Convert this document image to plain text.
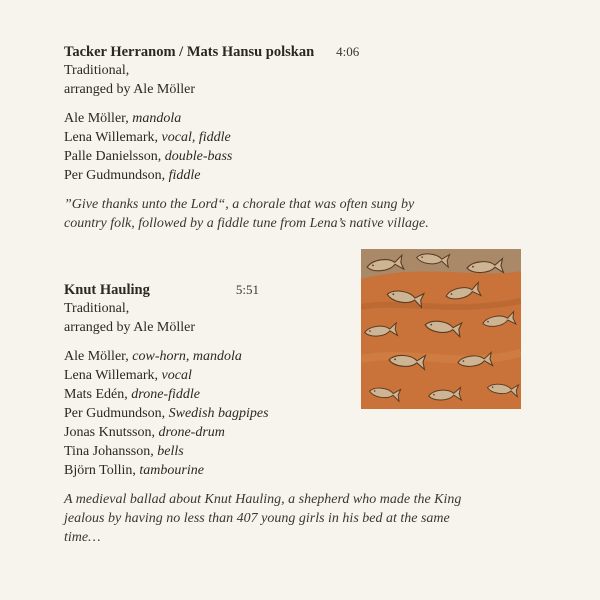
Tacker Herranom / Mats Hansu polskan 4:06
Traditional,
arranged by Ale Möller
Ale Möller, mandola
Lena Willemark, vocal, fiddle
Palle Danielsson, double-bass
Per Gudmundson, fiddle
”Give thanks unto the Lord“, a chorale that was often sung by
country folk, followed by a fiddle tune from Lena’s native village.
Knut Hauling	5:51
Traditional,
arranged by Ale Möller
Ale Möller, cow-horn, mandola
Lena Willemark, vocal
Mats Edén, drone-fiddle
Per Gudmundson, Swedish bagpipes
Jonas Knutsson, drone-drum
Tina Johansson, bells
Björn Tollin, tambourine
A medieval ballad about Knut Hauling, a shepherd who made the King
jealous by having no less than 407 young girls in his bed at the same
time…
